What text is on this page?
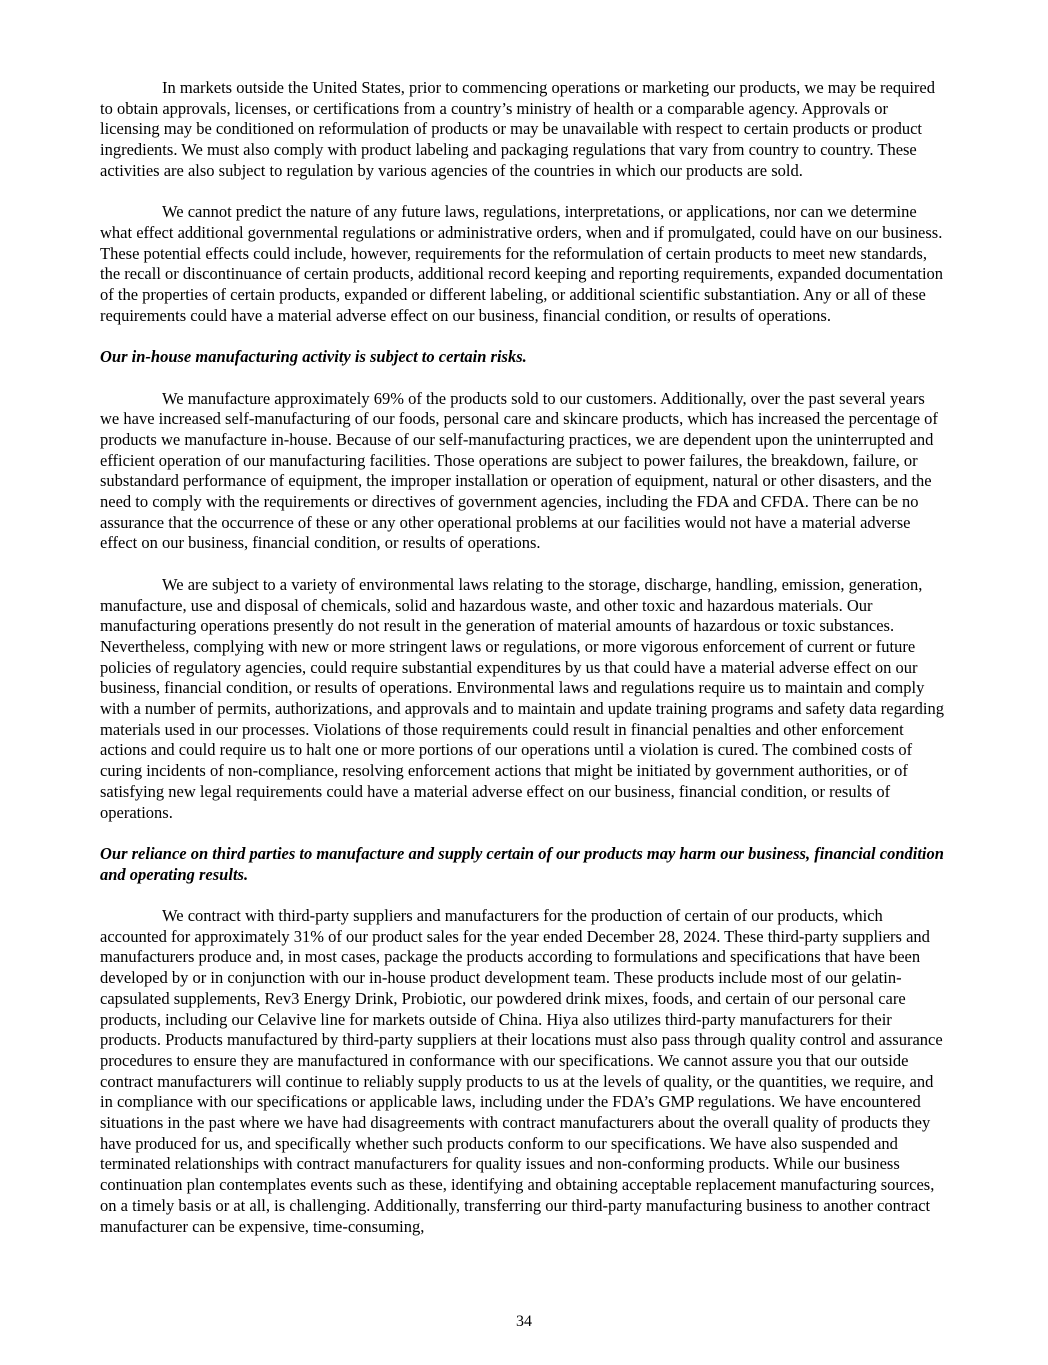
In markets outside the United States, prior to commencing operations or marketing our products, we may be required to obtain approvals, licenses, or certifications from a country’s ministry of health or a comparable agency. Approvals or licensing may be conditioned on reformulation of products or may be unavailable with respect to certain products or product ingredients. We must also comply with product labeling and packaging regulations that vary from country to country. These activities are also subject to regulation by various agencies of the countries in which our products are sold.

We cannot predict the nature of any future laws, regulations, interpretations, or applications, nor can we determine what effect additional governmental regulations or administrative orders, when and if promulgated, could have on our business. These potential effects could include, however, requirements for the reformulation of certain products to meet new standards, the recall or discontinuance of certain products, additional record keeping and reporting requirements, expanded documentation of the properties of certain products, expanded or different labeling, or additional scientific substantiation. Any or all of these requirements could have a material adverse effect on our business, financial condition, or results of operations.

Our in-house manufacturing activity is subject to certain risks.

We manufacture approximately 69% of the products sold to our customers. Additionally, over the past several years we have increased self-manufacturing of our foods, personal care and skincare products, which has increased the percentage of products we manufacture in-house. Because of our self-manufacturing practices, we are dependent upon the uninterrupted and efficient operation of our manufacturing facilities. Those operations are subject to power failures, the breakdown, failure, or substandard performance of equipment, the improper installation or operation of equipment, natural or other disasters, and the need to comply with the requirements or directives of government agencies, including the FDA and CFDA. There can be no assurance that the occurrence of these or any other operational problems at our facilities would not have a material adverse effect on our business, financial condition, or results of operations.

We are subject to a variety of environmental laws relating to the storage, discharge, handling, emission, generation, manufacture, use and disposal of chemicals, solid and hazardous waste, and other toxic and hazardous materials. Our manufacturing operations presently do not result in the generation of material amounts of hazardous or toxic substances. Nevertheless, complying with new or more stringent laws or regulations, or more vigorous enforcement of current or future policies of regulatory agencies, could require substantial expenditures by us that could have a material adverse effect on our business, financial condition, or results of operations. Environmental laws and regulations require us to maintain and comply with a number of permits, authorizations, and approvals and to maintain and update training programs and safety data regarding materials used in our processes. Violations of those requirements could result in financial penalties and other enforcement actions and could require us to halt one or more portions of our operations until a violation is cured. The combined costs of curing incidents of non-compliance, resolving enforcement actions that might be initiated by government authorities, or of satisfying new legal requirements could have a material adverse effect on our business, financial condition, or results of operations.

Our reliance on third parties to manufacture and supply certain of our products may harm our business, financial condition and operating results.

We contract with third-party suppliers and manufacturers for the production of certain of our products, which accounted for approximately 31% of our product sales for the year ended December 28, 2024. These third-party suppliers and manufacturers produce and, in most cases, package the products according to formulations and specifications that have been developed by or in conjunction with our in-house product development team. These products include most of our gelatin-capsulated supplements, Rev3 Energy Drink, Probiotic, our powdered drink mixes, foods, and certain of our personal care products, including our Celavive line for markets outside of China. Hiya also utilizes third-party manufacturers for their products. Products manufactured by third-party suppliers at their locations must also pass through quality control and assurance procedures to ensure they are manufactured in conformance with our specifications. We cannot assure you that our outside contract manufacturers will continue to reliably supply products to us at the levels of quality, or the quantities, we require, and in compliance with our specifications or applicable laws, including under the FDA’s GMP regulations. We have encountered situations in the past where we have had disagreements with contract manufacturers about the overall quality of products they have produced for us, and specifically whether such products conform to our specifications. We have also suspended and terminated relationships with contract manufacturers for quality issues and non-conforming products. While our business continuation plan contemplates events such as these, identifying and obtaining acceptable replacement manufacturing sources, on a timely basis or at all, is challenging. Additionally, transferring our third-party manufacturing business to another contract manufacturer can be expensive, time-consuming,

34
